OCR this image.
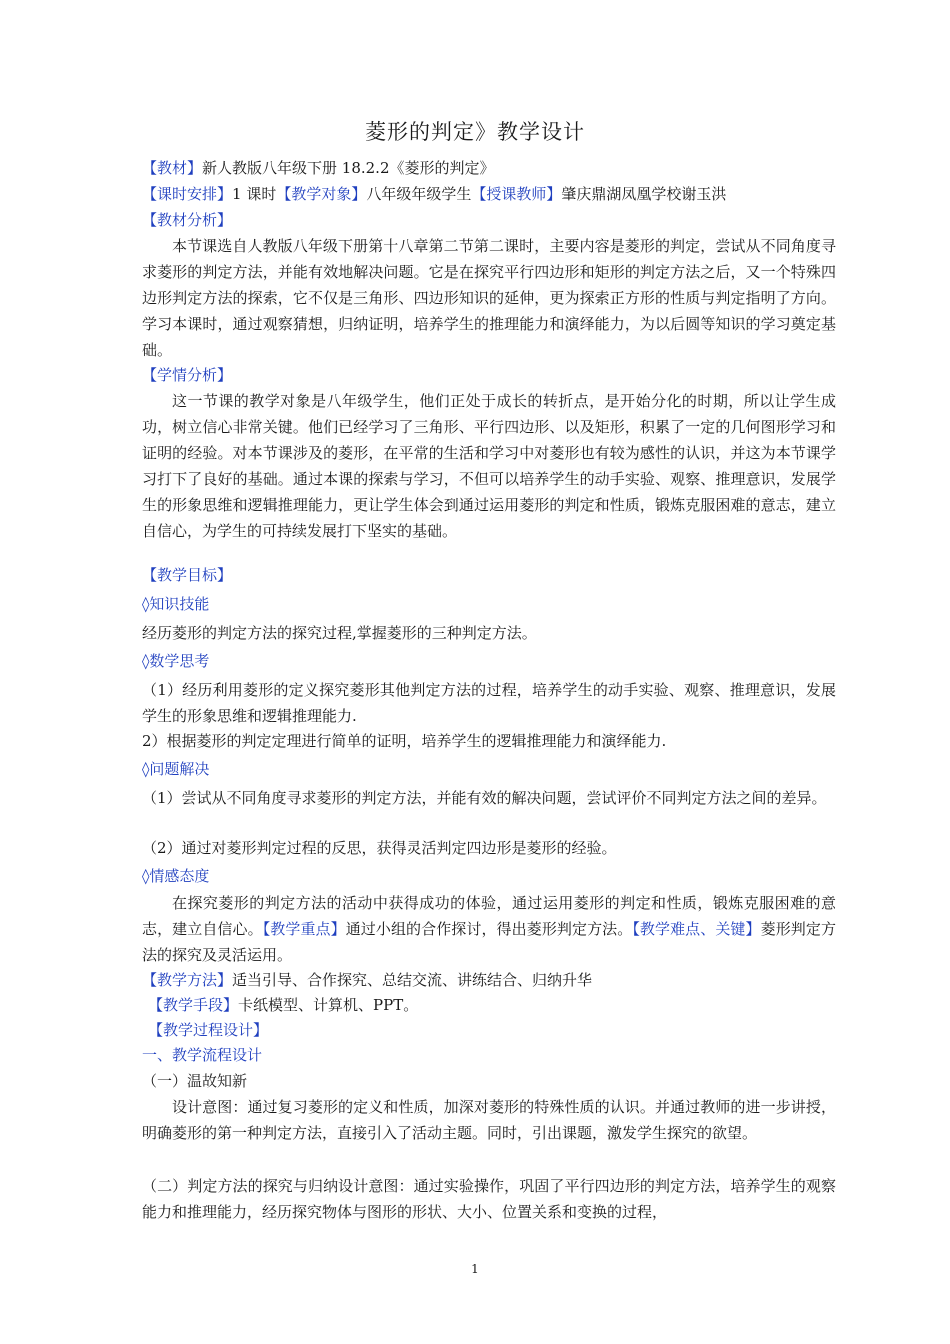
菱形的判定》教学设计
【教材】新人教版八年级下册 18.2.2《菱形的判定》
【课时安排】1 课时【教学对象】八年级年级学生【授课教师】肇庆鼎湖凤凰学校谢玉洪
【教材分析】
本节课选自人教版八年级下册第十八章第二节第二课时，主要内容是菱形的判定，尝试从不同角度寻求菱形的判定方法，并能有效地解决问题。它是在探究平行四边形和矩形的判定方法之后，又一个特殊四边形判定方法的探索，它不仅是三角形、四边形知识的延伸，更为探索正方形的性质与判定指明了方向。学习本课时，通过观察猜想，归纳证明，培养学生的推理能力和演绎能力，为以后圆等知识的学习奠定基础。
【学情分析】
这一节课的教学对象是八年级学生，他们正处于成长的转折点，是开始分化的时期，所以让学生成功，树立信心非常关键。他们已经学习了三角形、平行四边形、以及矩形，积累了一定的几何图形学习和证明的经验。对本节课涉及的菱形，在平常的生活和学习中对菱形也有较为感性的认识，并这为本节课学习打下了良好的基础。通过本课的探索与学习，不但可以培养学生的动手实验、观察、推理意识，发展学生的形象思维和逻辑推理能力，更让学生体会到通过运用菱形的判定和性质，锻炼克服困难的意志，建立自信心，为学生的可持续发展打下坚实的基础。
【教学目标】
◊知识技能
经历菱形的判定方法的探究过程,掌握菱形的三种判定方法。
◊数学思考
（1）经历利用菱形的定义探究菱形其他判定方法的过程，培养学生的动手实验、观察、推理意识，发展学生的形象思维和逻辑推理能力.
2）根据菱形的判定定理进行简单的证明，培养学生的逻辑推理能力和演绎能力.
◊问题解决
（1）尝试从不同角度寻求菱形的判定方法，并能有效的解决问题，尝试评价不同判定方法之间的差异。
（2）通过对菱形判定过程的反思，获得灵活判定四边形是菱形的经验。
◊情感态度
在探究菱形的判定方法的活动中获得成功的体验，通过运用菱形的判定和性质，锻炼克服困难的意志，建立自信心。【教学重点】通过小组的合作探讨，得出菱形判定方法。【教学难点、关键】菱形判定方法的探究及灵活运用。
【教学方法】适当引导、合作探究、总结交流、讲练结合、归纳升华
【教学手段】卡纸模型、计算机、PPT。
【教学过程设计】
一、教学流程设计
（一）温故知新
设计意图：通过复习菱形的定义和性质，加深对菱形的特殊性质的认识。并通过教师的进一步讲授，明确菱形的第一种判定方法，直接引入了活动主题。同时，引出课题，激发学生探究的欲望。
（二）判定方法的探究与归纳设计意图：通过实验操作，巩固了平行四边形的判定方法，培养学生的观察能力和推理能力，经历探究物体与图形的形状、大小、位置关系和变换的过程，
1
